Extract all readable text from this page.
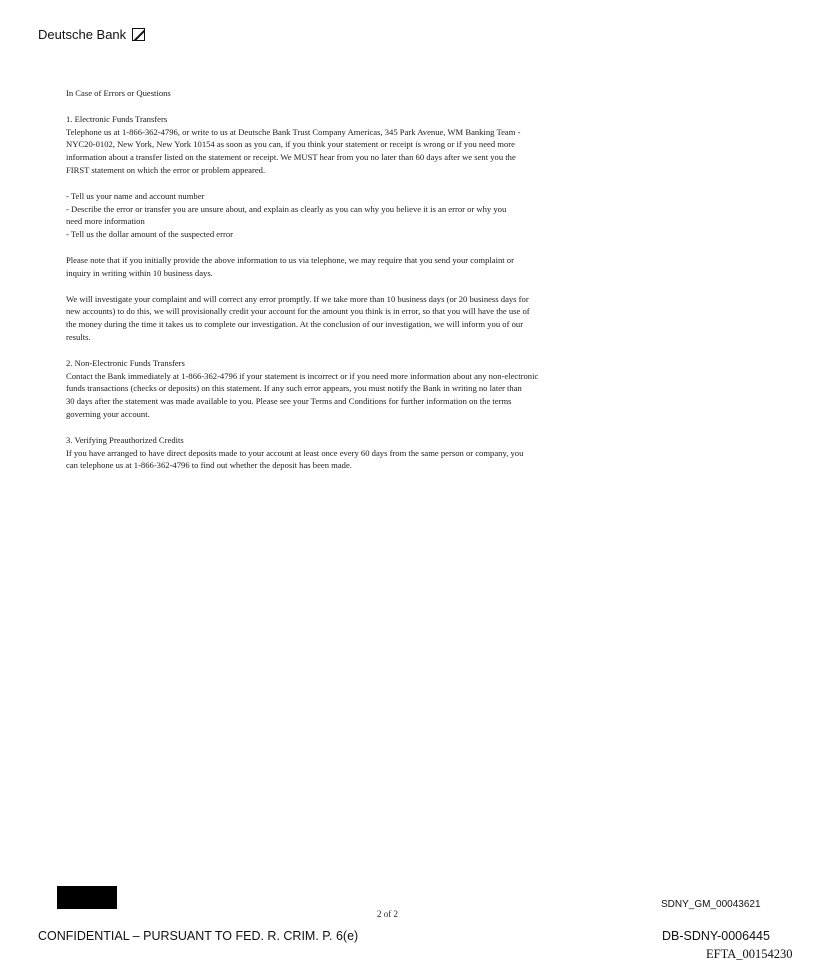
Deutsche Bank

In Case of Errors or Questions

1. Electronic Funds Transfers
Telephone us at 1-866-362-4796, or write to us at Deutsche Bank Trust Company Americas, 345 Park Avenue, WM Banking Team -
NYC20-0102, New York, New York 10154 as soon as you can, if you think your statement or receipt is wrong or if you need more
information about a transfer listed on the statement or receipt. We MUST hear from you no later than 60 days after we sent you the
FIRST statement on which the error or problem appeared.

- Tell us your name and account number
- Describe the error or transfer you are unsure about, and explain as clearly as you can why you believe it is an error or why you
need more information
- Tell us the dollar amount of the suspected error

Please note that if you initially provide the above information to us via telephone, we may require that you send your complaint or
inquiry in writing within 10 business days.

We will investigate your complaint and will correct any error promptly. If we take more than 10 business days (or 20 business days for
new accounts) to do this, we will provisionally credit your account for the amount you think is in error, so that you will have the use of
the money during the time it takes us to complete our investigation. At the conclusion of our investigation, we will inform you of our
results.

2. Non-Electronic Funds Transfers
Contact the Bank immediately at 1-866-362-4796 if your statement is incorrect or if you need more information about any non-electronic
funds transactions (checks or deposits) on this statement. If any such error appears, you must notify the Bank in writing no later than
30 days after the statement was made available to you. Please see your Terms and Conditions for further information on the terms
governing your account.

3. Verifying Preauthorized Credits
If you have arranged to have direct deposits made to your account at least once every 60 days from the same person or company, you
can telephone us at 1-866-362-4796 to find out whether the deposit has been made.

2 of 2
SDNY_GM_00043621
CONFIDENTIAL – PURSUANT TO FED. R. CRIM. P. 6(e)	DB-SDNY-0006445
EFTA_00154230
